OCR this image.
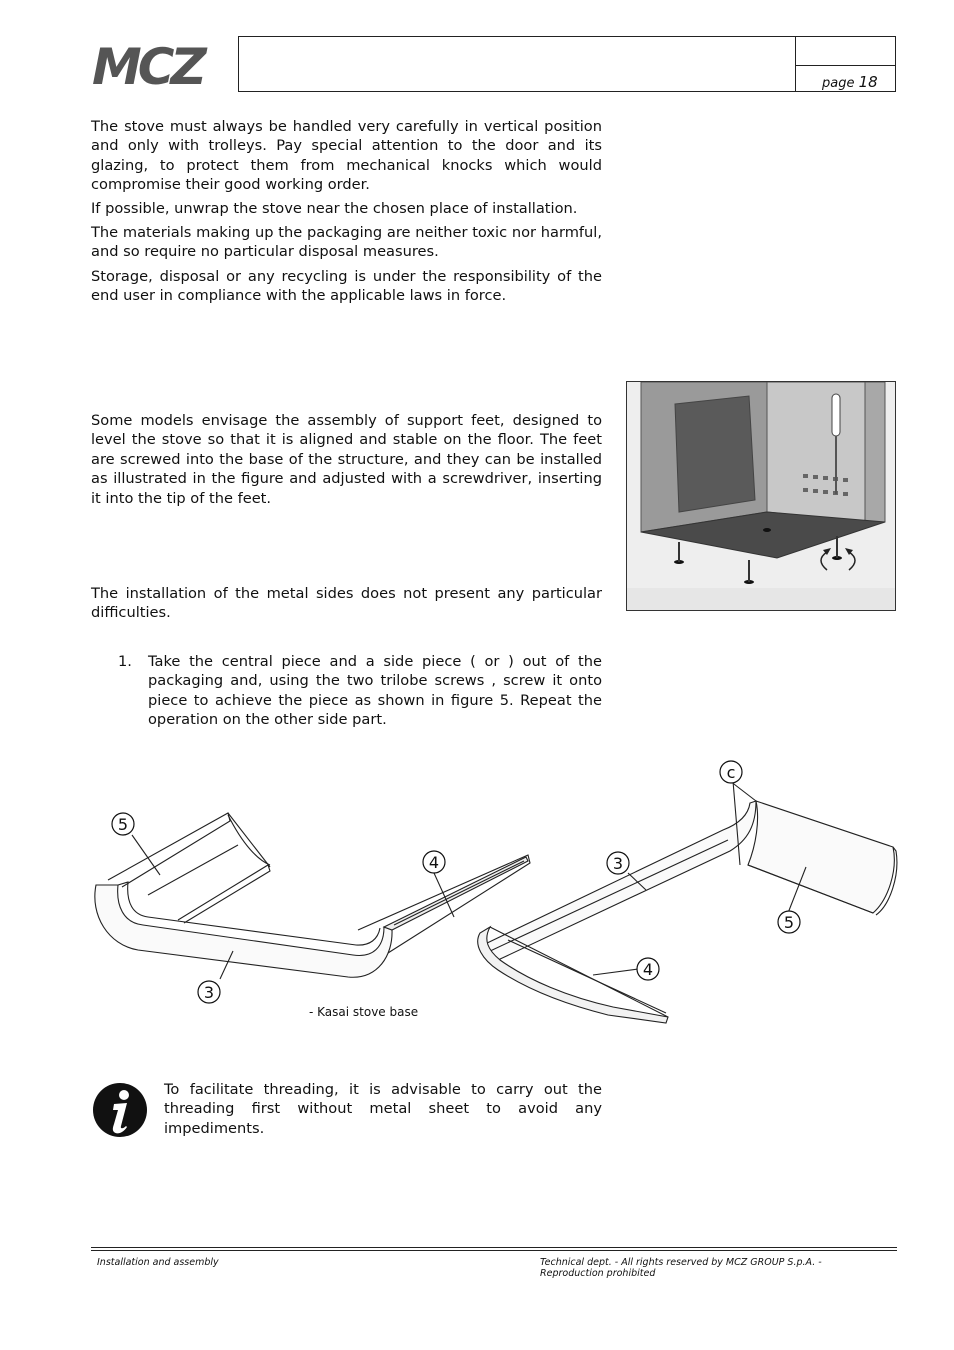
MCZ	page 18
The stove must always be handled very carefully in vertical position and only with trolleys. Pay special attention to the door and its glazing, to protect them from mechanical knocks which would compromise their good working order.
If possible, unwrap the stove near the chosen place of installation.
The materials making up the packaging are neither toxic nor harmful, and so require no particular disposal measures.
Storage, disposal or any recycling is under the responsibility of the end user in compliance with the applicable laws in force.
Some models envisage the assembly of support feet, designed to level the stove so that it is aligned and stable on the floor. The feet are screwed into the base of the structure, and they can be installed as illustrated in the figure and adjusted with a screwdriver, inserting it into the tip of the feet.
The installation of the metal sides does not present any particular difficulties.
1. Take the central piece and a side piece ( or ) out of the packaging and, using the two trilobe screws , screw it onto piece to achieve the piece as shown in figure 5. Repeat the operation on the other side part.
5
4
3
3
c
5
4
- Kasai stove base
To facilitate threading, it is advisable to carry out the threading first without metal sheet to avoid any impediments.
Installation and assembly	Technical dept. - All rights reserved by MCZ GROUP S.p.A. - Reproduction prohibited
